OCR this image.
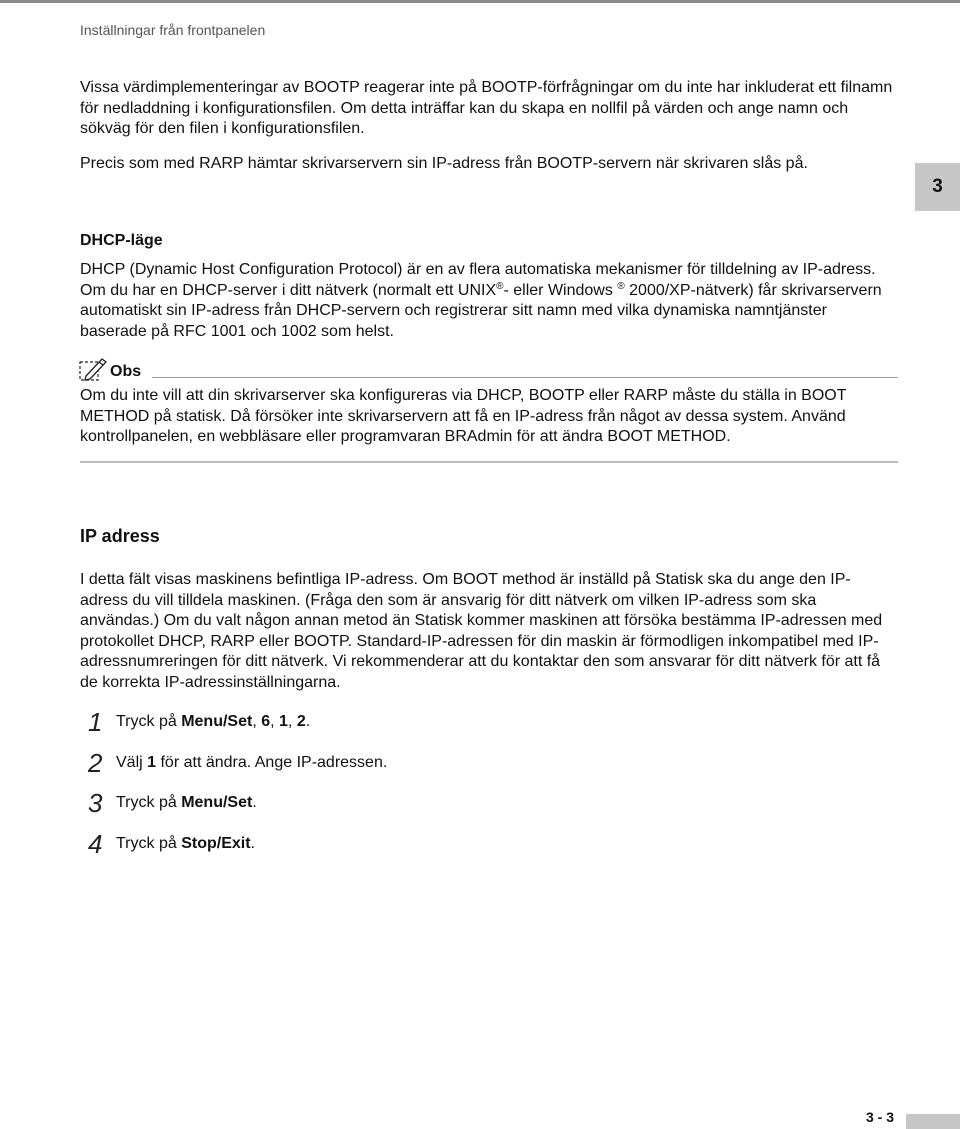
Inställningar från frontpanelen

Vissa värdimplementeringar av BOOTP reagerar inte på BOOTP-förfrågningar om du inte har inkluderat ett filnamn för nedladdning i konfigurationsfilen. Om detta inträffar kan du skapa en nollfil på värden och ange namn och sökväg för den filen i konfigurationsfilen.

Precis som med RARP hämtar skrivarservern sin IP-adress från BOOTP-servern när skrivaren slås på.

3
DHCP-läge

DHCP (Dynamic Host Configuration Protocol) är en av flera automatiska mekanismer för tilldelning av IP-adress. Om du har en DHCP-server i ditt nätverk (normalt ett UNIX®- eller Windows ® 2000/XP-nätverk) får skrivarservern automatiskt sin IP-adress från DHCP-servern och registrerar sitt namn med vilka dynamiska namntjänster baserade på RFC 1001 och 1002 som helst.

Obs

Om du inte vill att din skrivarserver ska konfigureras via DHCP, BOOTP eller RARP måste du ställa in BOOT METHOD på statisk. Då försöker inte skrivarservern att få en IP-adress från något av dessa system. Använd kontrollpanelen, en webbläsare eller programvaran BRAdmin för att ändra BOOT METHOD.

IP adress

I detta fält visas maskinens befintliga IP-adress. Om BOOT method är inställd på Statisk ska du ange den IP-adress du vill tilldela maskinen. (Fråga den som är ansvarig för ditt nätverk om vilken IP-adress som ska användas.) Om du valt någon annan metod än Statisk kommer maskinen att försöka bestämma IP-adressen med protokollet DHCP, RARP eller BOOTP. Standard-IP-adressen för din maskin är förmodligen inkompatibel med IP-adressnumreringen för ditt nätverk. Vi rekommenderar att du kontaktar den som ansvarar för ditt nätverk för att få de korrekta IP-adressinställningarna.

1 Tryck på Menu/Set, 6, 1, 2.
2 Välj 1 för att ändra. Ange IP-adressen.
3 Tryck på Menu/Set.
4 Tryck på Stop/Exit.
3 - 3
